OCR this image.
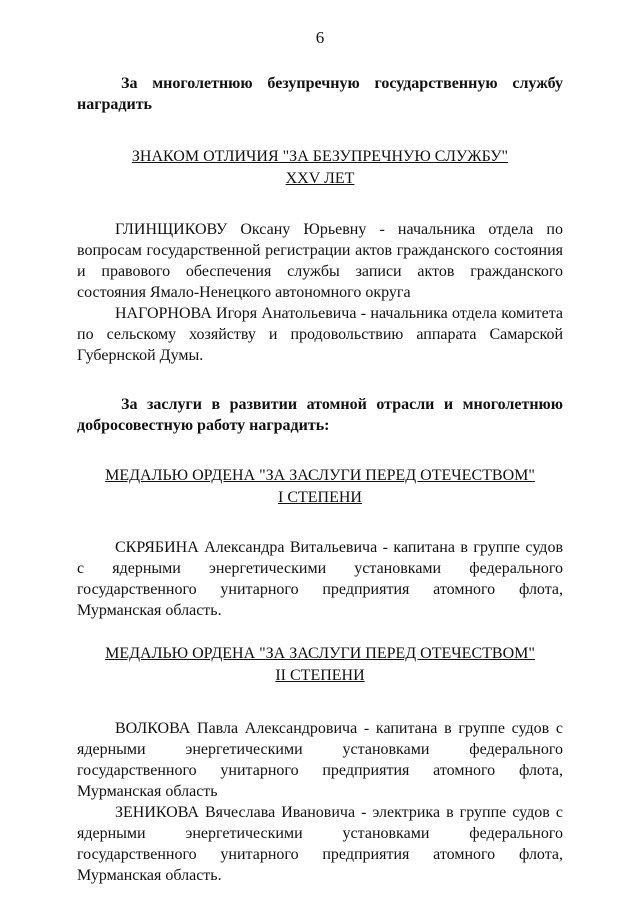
6

За многолетнюю безупречную государственную службу наградить

ЗНАКОМ ОТЛИЧИЯ "ЗА БЕЗУПРЕЧНУЮ СЛУЖБУ"

XXV ЛЕТ

ГЛИНЩИКОВУ Оксану Юрьевну - начальника отдела по вопросам государственной регистрации актов гражданского состояния и правового обеспечения службы записи актов гражданского состояния Ямало-Ненецкого автономного округа

НАГОРНОВА Игоря Анатольевича - начальника отдела комитета по сельскому хозяйству и продовольствию аппарата Самарской Губернской Думы.

За заслуги в развитии атомной отрасли и многолетнюю добросовестную работу наградить:

МЕДАЛЬЮ ОРДЕНА "ЗА ЗАСЛУГИ ПЕРЕД ОТЕЧЕСТВОМ"

I СТЕПЕНИ

СКРЯБИНА Александра Витальевича - капитана в группе судов с ядерными энергетическими установками федерального государственного унитарного предприятия атомного флота, Мурманская область.

МЕДАЛЬЮ ОРДЕНА "ЗА ЗАСЛУГИ ПЕРЕД ОТЕЧЕСТВОМ"

II СТЕПЕНИ

ВОЛКОВА Павла Александровича - капитана в группе судов с ядерными энергетическими установками федерального государственного унитарного предприятия атомного флота, Мурманская область

ЗЕНИКОВА Вячеслава Ивановича - электрика в группе судов с ядерными энергетическими установками федерального государственного унитарного предприятия атомного флота, Мурманская область.
